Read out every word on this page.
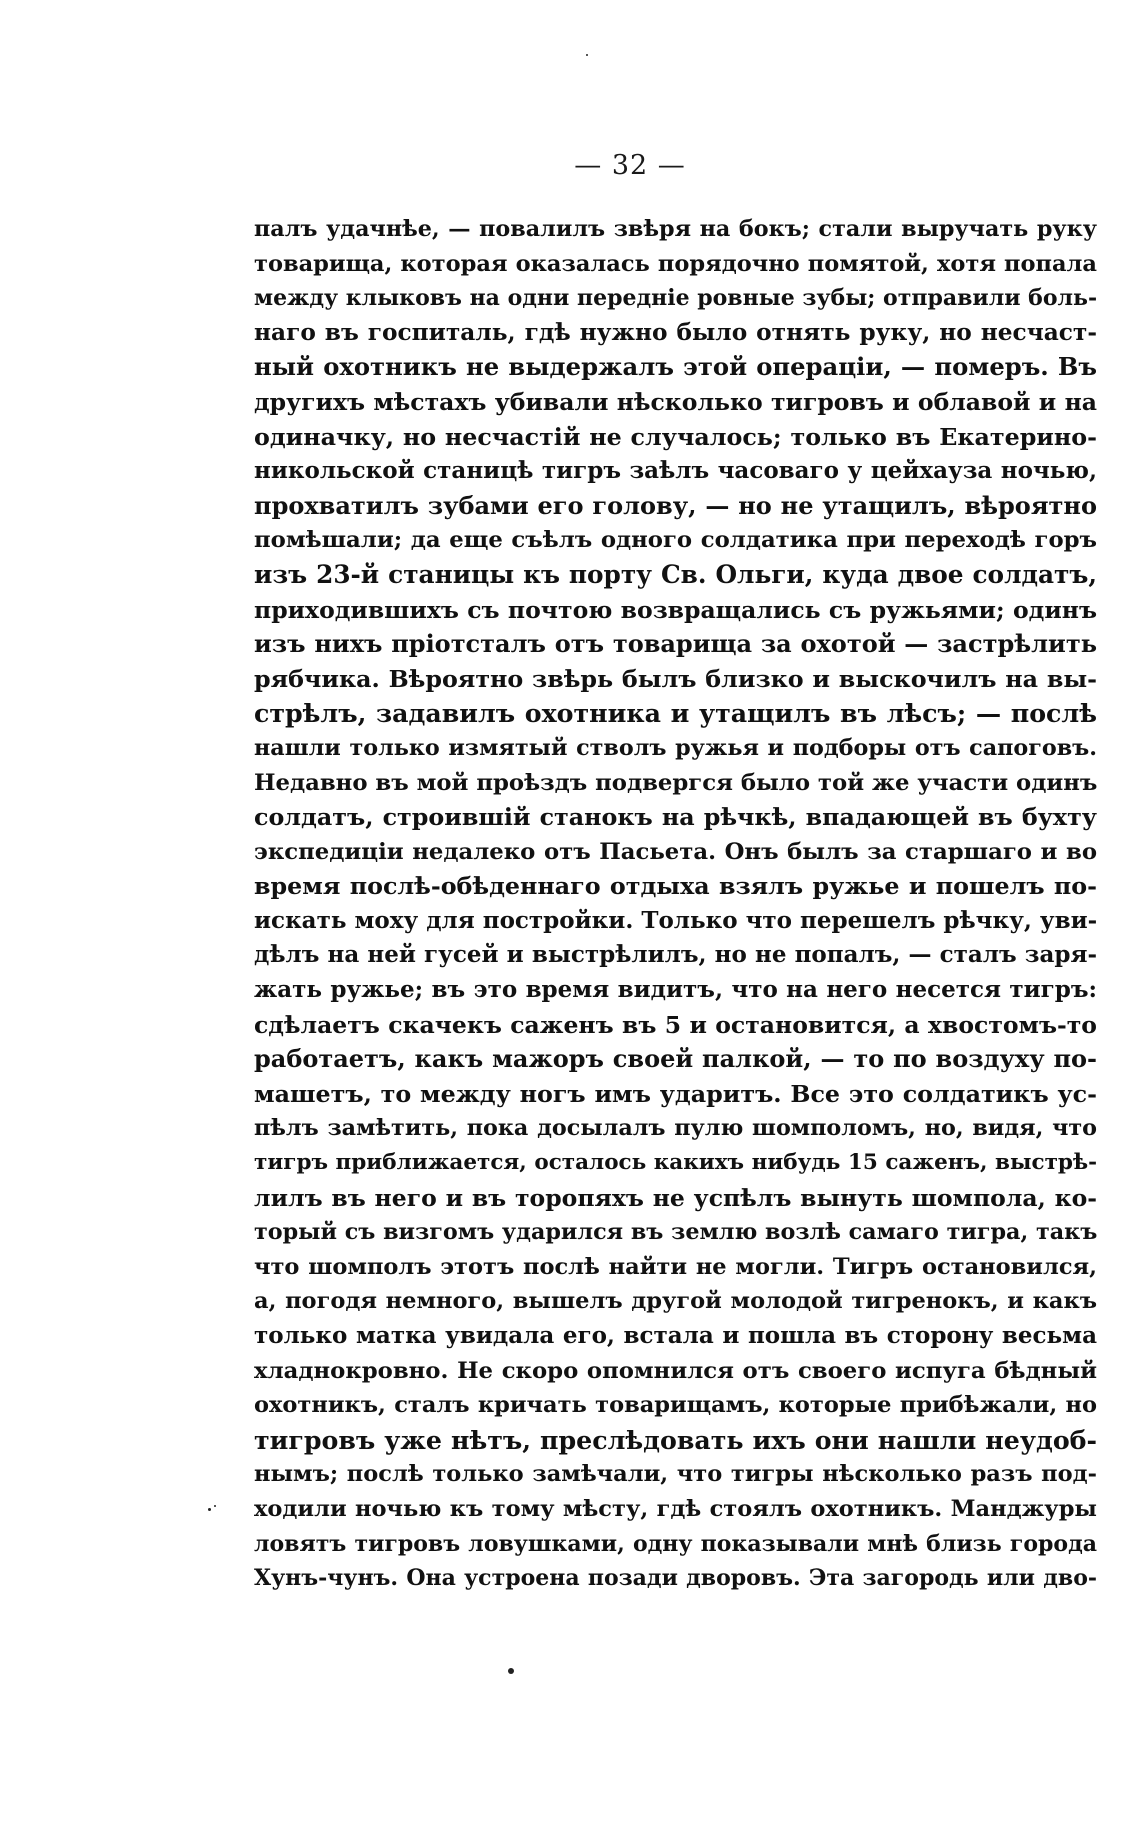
— 32 —
палъ удачнѣе, — повалилъ звѣря на бокъ; стали выручать руку
товарища, которая оказалась порядочно помятой, хотя попала
между клыковъ на одни передніе ровные зубы; отправили боль-
наго въ госпиталь, гдѣ нужно было отнять руку, но несчаст-
ный охотникъ не выдержалъ этой операціи, — померъ. Въ
другихъ мѣстахъ убивали нѣсколько тигровъ и облавой и на
одиначку, но несчастій не случалось; только въ Екатерино-
никольской станицѣ тигръ заѣлъ часоваго у цейхауза ночью,
прохватилъ зубами его голову, — но не утащилъ, вѣроятно
помѣшали; да еще съѣлъ одного солдатика при переходѣ горъ
изъ 23-й станицы къ порту Св. Ольги, куда двое солдатъ,
приходившихъ съ почтою возвращались съ ружьями; одинъ
изъ нихъ пріотсталъ отъ товарища за охотой — застрѣлить
рябчика. Вѣроятно звѣрь былъ близко и выскочилъ на вы-
стрѣлъ, задавилъ охотника и утащилъ въ лѣсъ; — послѣ
нашли только измятый стволъ ружья и подборы отъ сапоговъ.
Недавно въ мой проѣздъ подвергся было той же участи одинъ
солдатъ, строившій станокъ на рѣчкѣ, впадающей въ бухту
экспедиціи недалеко отъ Пасьета. Онъ былъ за старшаго и во
время послѣ-обѣденнаго отдыха взялъ ружье и пошелъ по-
искать моху для постройки. Только что перешелъ рѣчку, уви-
дѣлъ на ней гусей и выстрѣлилъ, но не попалъ, — сталъ заря-
жать ружье; въ это время видитъ, что на него несется тигръ:
сдѣлаетъ скачекъ саженъ въ 5 и остановится, а хвостомъ-то
работаетъ, какъ мажоръ своей палкой, — то по воздуху по-
машетъ, то между ногъ имъ ударитъ. Все это солдатикъ ус-
пѣлъ замѣтить, пока досылалъ пулю шомполомъ, но, видя, что
тигръ приближается, осталось какихъ нибудь 15 саженъ, выстрѣ-
лилъ въ него и въ торопяхъ не успѣлъ вынуть шомпола, ко-
торый съ визгомъ ударился въ землю возлѣ самаго тигра, такъ
что шомполъ этотъ послѣ найти не могли. Тигръ остановился,
а, погодя немного, вышелъ другой молодой тигренокъ, и какъ
только матка увидала его, встала и пошла въ сторону весьма
хладнокровно. Не скоро опомнился отъ своего испуга бѣдный
охотникъ, сталъ кричать товарищамъ, которые прибѣжали, но
тигровъ уже нѣтъ, преслѣдовать ихъ они нашли неудоб-
нымъ; послѣ только замѣчали, что тигры нѣсколько разъ под-
ходили ночью къ тому мѣсту, гдѣ стоялъ охотникъ. Манджуры
ловятъ тигровъ ловушками, одну показывали мнѣ близь города
Хунъ-чунъ. Она устроена позади дворовъ. Эта загородь или дво-
